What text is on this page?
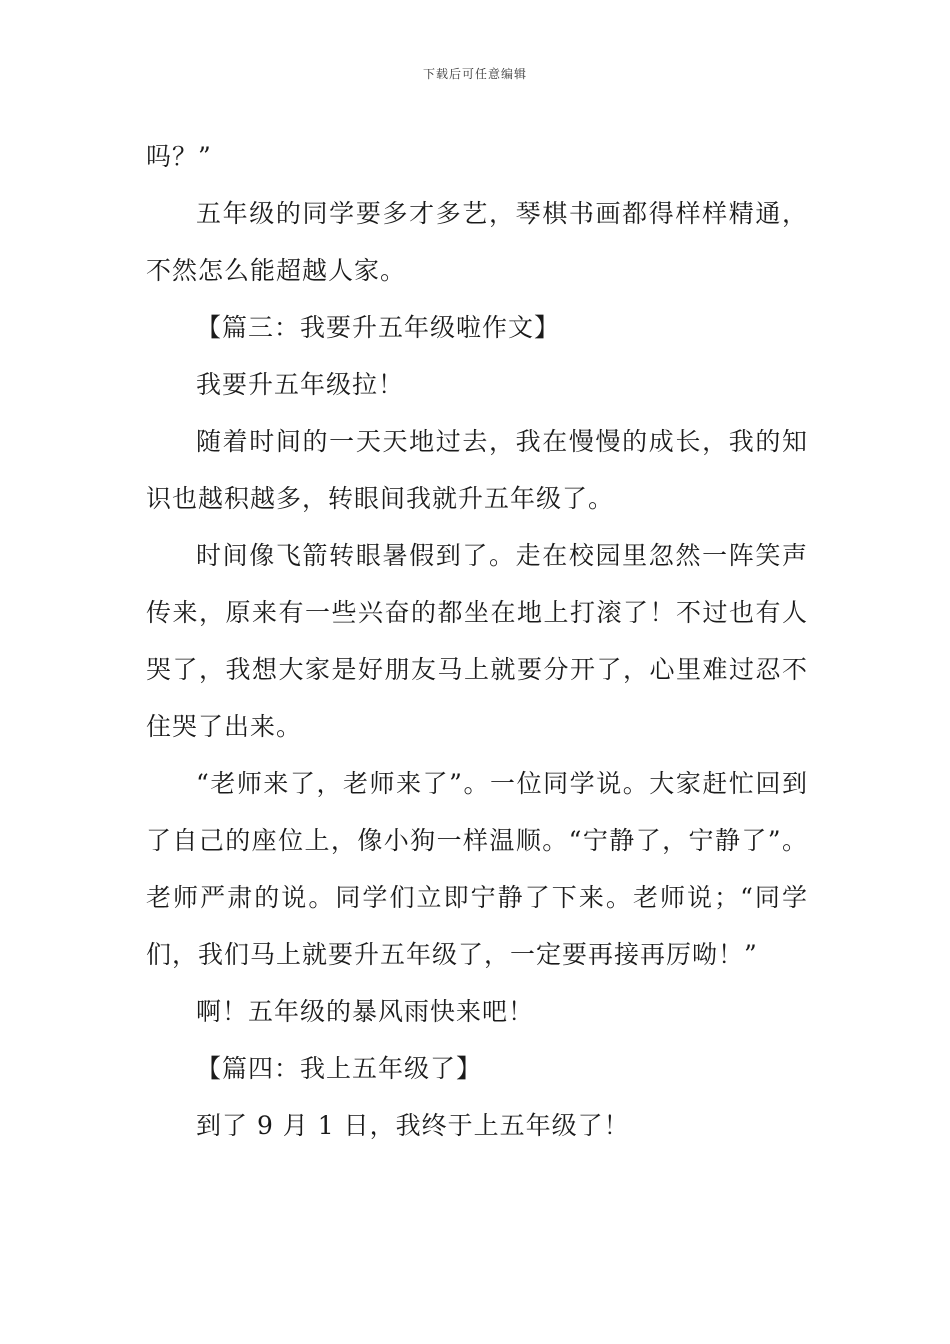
下载后可任意编辑

吗？”

五年级的同学要多才多艺，琴棋书画都得样样精通，不然怎么能超越人家。

【篇三：我要升五年级啦作文】

我要升五年级拉！

随着时间的一天天地过去，我在慢慢的成长，我的知识也越积越多，转眼间我就升五年级了。

时间像飞箭转眼暑假到了。走在校园里忽然一阵笑声传来，原来有一些兴奋的都坐在地上打滚了！不过也有人哭了，我想大家是好朋友马上就要分开了，心里难过忍不住哭了出来。

“老师来了，老师来了”。一位同学说。大家赶忙回到了自己的座位上，像小狗一样温顺。“宁静了，宁静了”。老师严肃的说。同学们立即宁静了下来。老师说；“同学们，我们马上就要升五年级了，一定要再接再厉呦！”

啊！五年级的暴风雨快来吧！

【篇四：我上五年级了】

到了 9 月 1 日，我终于上五年级了！
